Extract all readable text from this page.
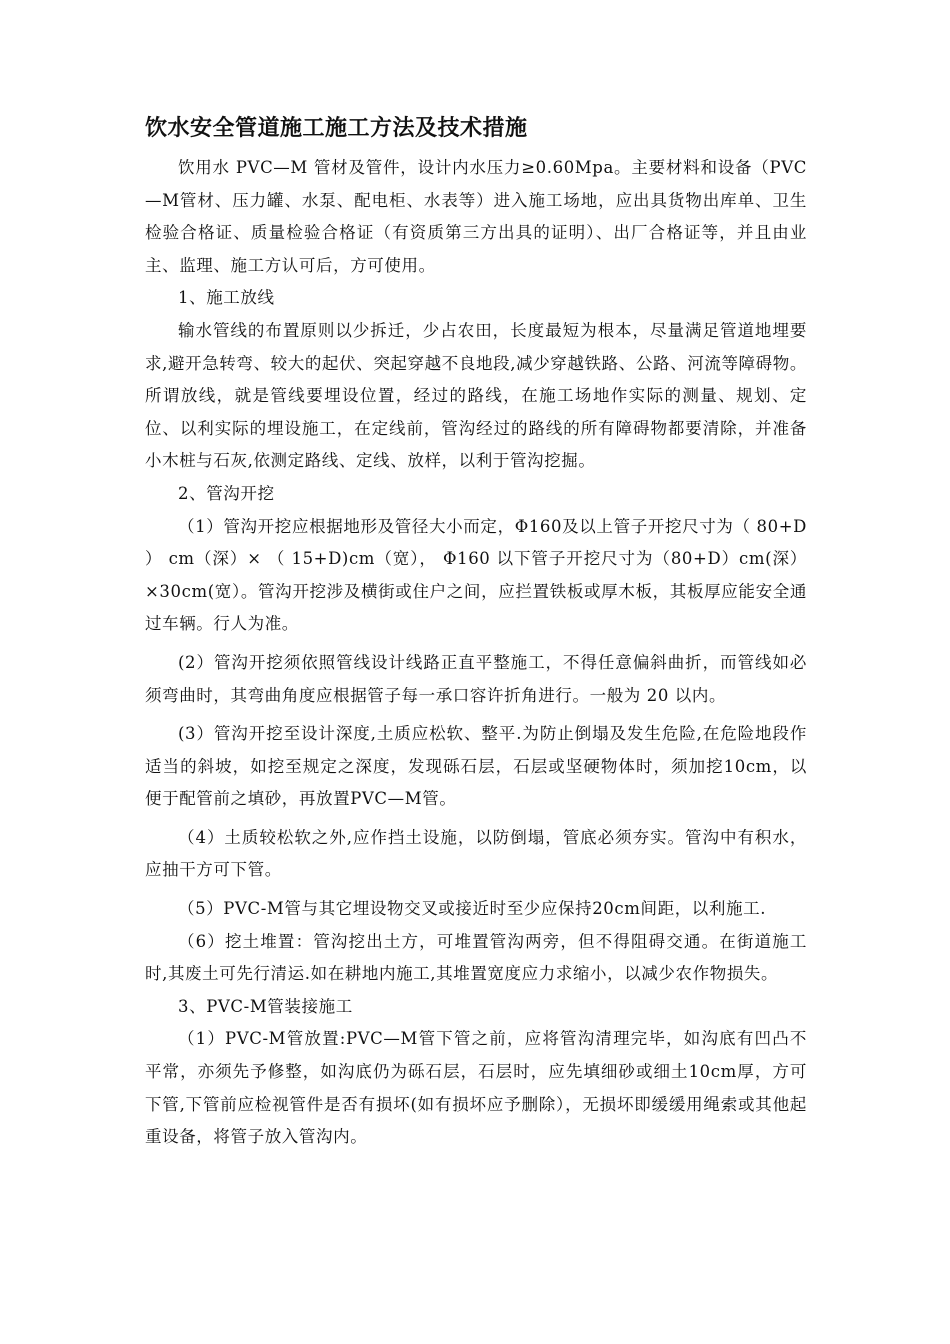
饮水安全管道施工施工方法及技术措施

饮用水 PVC—M 管材及管件，设计内水压力≥0.60Mpa。主要材料和设备（PVC—M管材、压力罐、水泵、配电柜、水表等）进入施工场地，应出具货物出库单、卫生检验合格证、质量检验合格证（有资质第三方出具的证明）、出厂合格证等，并且由业主、监理、施工方认可后，方可使用。

1、施工放线

输水管线的布置原则以少拆迁，少占农田，长度最短为根本，尽量满足管道地埋要求,避开急转弯、较大的起伏、突起穿越不良地段,减少穿越铁路、公路、河流等障碍物。所谓放线，就是管线要埋设位置，经过的路线，在施工场地作实际的测量、规划、定位、以利实际的埋设施工，在定线前，管沟经过的路线的所有障碍物都要清除，并准备小木桩与石灰,依测定路线、定线、放样，以利于管沟挖掘。

2、管沟开挖

（1）管沟开挖应根据地形及管径大小而定，Φ160及以上管子开挖尺寸为（ 80+D ） cm（深）× （ 15+D)cm（宽）， Φ160 以下管子开挖尺寸为（80+D）cm(深）×30cm(宽）。管沟开挖涉及横街或住户之间，应拦置铁板或厚木板，其板厚应能安全通过车辆。行人为准。

(2）管沟开挖须依照管线设计线路正直平整施工，不得任意偏斜曲折，而管线如必须弯曲时，其弯曲角度应根据管子每一承口容许折角进行。一般为 20 以内。

(3）管沟开挖至设计深度,土质应松软、整平.为防止倒塌及发生危险,在危险地段作适当的斜坡，如挖至规定之深度，发现砾石层，石层或坚硬物体时，须加挖10cm，以便于配管前之填砂，再放置PVC—M管。

（4）土质较松软之外,应作挡土设施，以防倒塌，管底必须夯实。管沟中有积水，应抽干方可下管。

（5）PVC-M管与其它埋设物交叉或接近时至少应保持20cm间距，以利施工.

（6）挖土堆置：管沟挖出土方，可堆置管沟两旁，但不得阻碍交通。在街道施工时,其废土可先行清运.如在耕地内施工,其堆置宽度应力求缩小，以减少农作物损失。

3、PVC-M管装接施工

（1）PVC-M管放置:PVC—M管下管之前，应将管沟清理完毕，如沟底有凹凸不平常，亦须先予修整，如沟底仍为砾石层，石层时，应先填细砂或细土10cm厚，方可下管,下管前应检视管件是否有损坏(如有损坏应予删除），无损坏即缓缓用绳索或其他起重设备，将管子放入管沟内。
